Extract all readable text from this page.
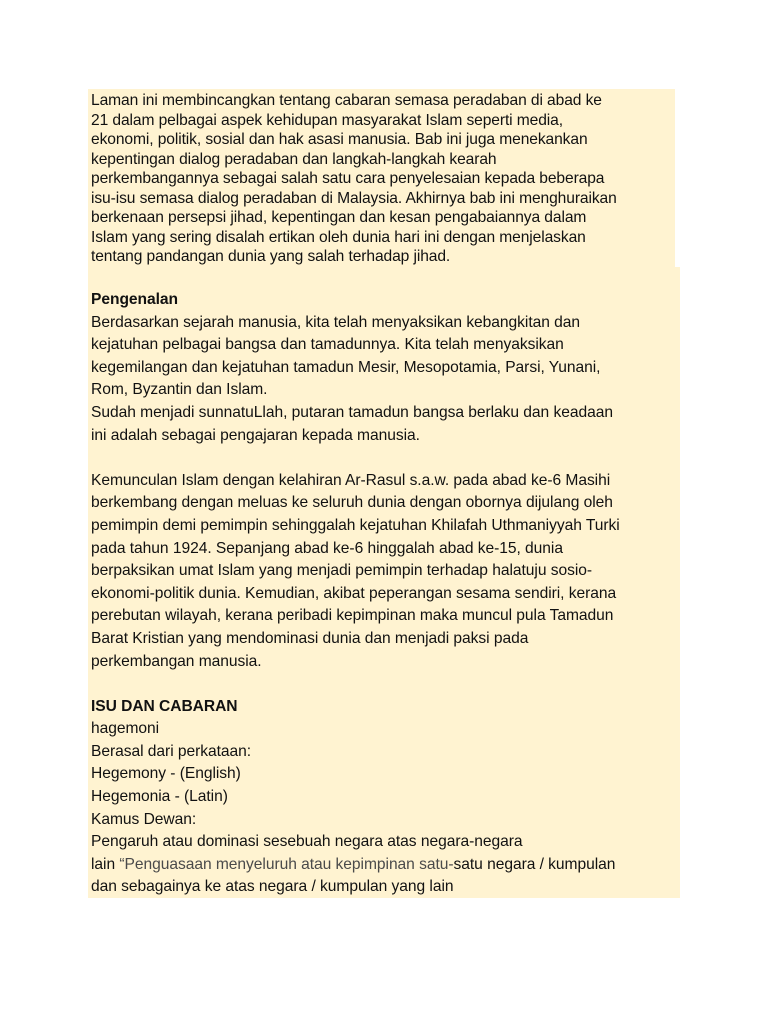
Laman ini membincangkan tentang cabaran semasa peradaban di abad ke
21 dalam pelbagai aspek kehidupan masyarakat Islam seperti media,
ekonomi, politik, sosial dan hak asasi manusia. Bab ini juga menekankan
kepentingan dialog peradaban dan langkah-langkah kearah
perkembangannya sebagai salah satu cara penyelesaian kepada beberapa
isu-isu semasa dialog peradaban di Malaysia. Akhirnya bab ini menghuraikan
berkenaan persepsi jihad, kepentingan dan kesan pengabaiannya dalam
Islam yang sering disalah ertikan oleh dunia hari ini dengan menjelaskan
tentang pandangan dunia yang salah terhadap jihad.
Pengenalan
Berdasarkan sejarah manusia, kita telah menyaksikan kebangkitan dan
kejatuhan pelbagai bangsa dan tamadunnya. Kita telah menyaksikan
kegemilangan dan kejatuhan tamadun Mesir, Mesopotamia, Parsi, Yunani,
Rom, Byzantin dan Islam.
Sudah menjadi sunnatuLlah, putaran tamadun bangsa berlaku dan keadaan
ini adalah sebagai pengajaran kepada manusia.
Kemunculan Islam dengan kelahiran Ar-Rasul s.a.w. pada abad ke-6 Masihi
berkembang dengan meluas ke seluruh dunia dengan obornya dijulang oleh
pemimpin demi pemimpin sehinggalah kejatuhan Khilafah Uthmaniyyah Turki
pada tahun 1924. Sepanjang abad ke-6 hinggalah abad ke-15, dunia
berpaksikan umat Islam yang menjadi pemimpin terhadap halatuju sosio-
ekonomi-politik dunia. Kemudian, akibat peperangan sesama sendiri, kerana
perebutan wilayah, kerana peribadi kepimpinan maka muncul pula Tamadun
Barat Kristian yang mendominasi dunia dan menjadi paksi pada
perkembangan manusia.
ISU DAN CABARAN
hagemoni
Berasal dari perkataan:
Hegemony - (English)
Hegemonia - (Latin)
Kamus Dewan:
Pengaruh atau dominasi sesebuah negara atas negara-negara
lain “Penguasaan menyeluruh atau kepimpinan satu-satu negara / kumpulan
dan sebagainya ke atas negara / kumpulan yang lain
